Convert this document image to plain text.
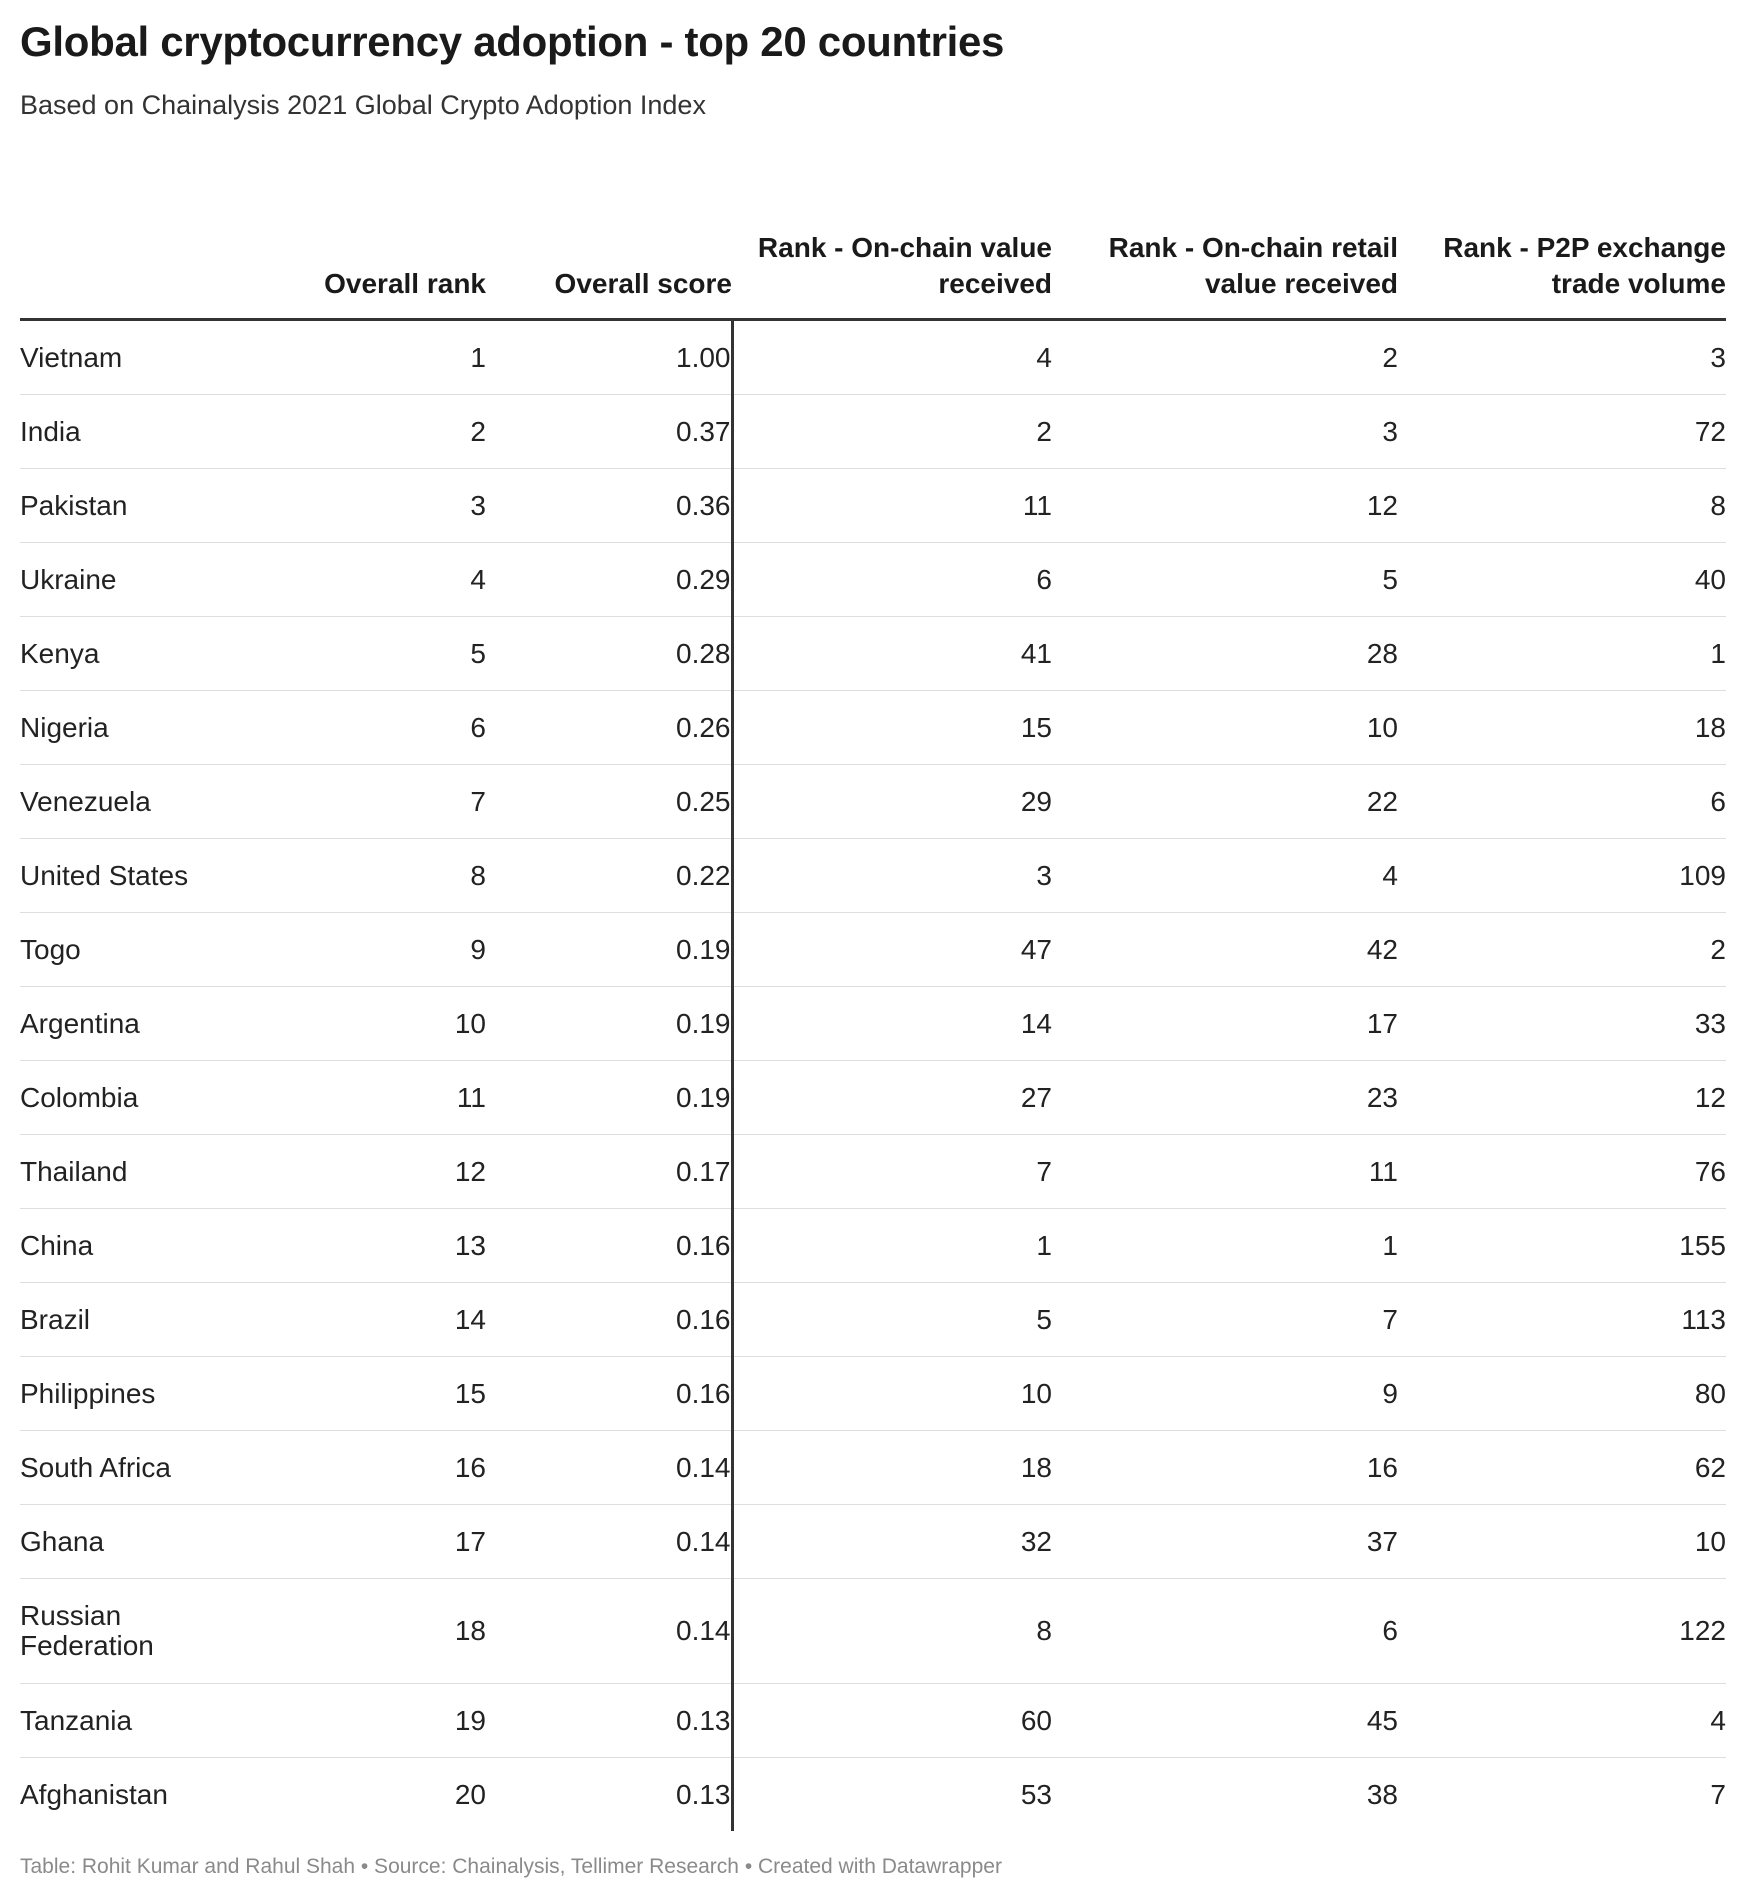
Global cryptocurrency adoption - top 20 countries
Based on Chainalysis 2021 Global Crypto Adoption Index
	Overall rank	Overall score	Rank - On-chain value received	Rank - On-chain retail value received	Rank - P2P exchange trade volume
Vietnam	1	1.00	4	2	3
India	2	0.37	2	3	72
Pakistan	3	0.36	11	12	8
Ukraine	4	0.29	6	5	40
Kenya	5	0.28	41	28	1
Nigeria	6	0.26	15	10	18
Venezuela	7	0.25	29	22	6
United States	8	0.22	3	4	109
Togo	9	0.19	47	42	2
Argentina	10	0.19	14	17	33
Colombia	11	0.19	27	23	12
Thailand	12	0.17	7	11	76
China	13	0.16	1	1	155
Brazil	14	0.16	5	7	113
Philippines	15	0.16	10	9	80
South Africa	16	0.14	18	16	62
Ghana	17	0.14	32	37	10
Russian Federation	18	0.14	8	6	122
Tanzania	19	0.13	60	45	4
Afghanistan	20	0.13	53	38	7
Table: Rohit Kumar and Rahul Shah • Source: Chainalysis, Tellimer Research • Created with Datawrapper
